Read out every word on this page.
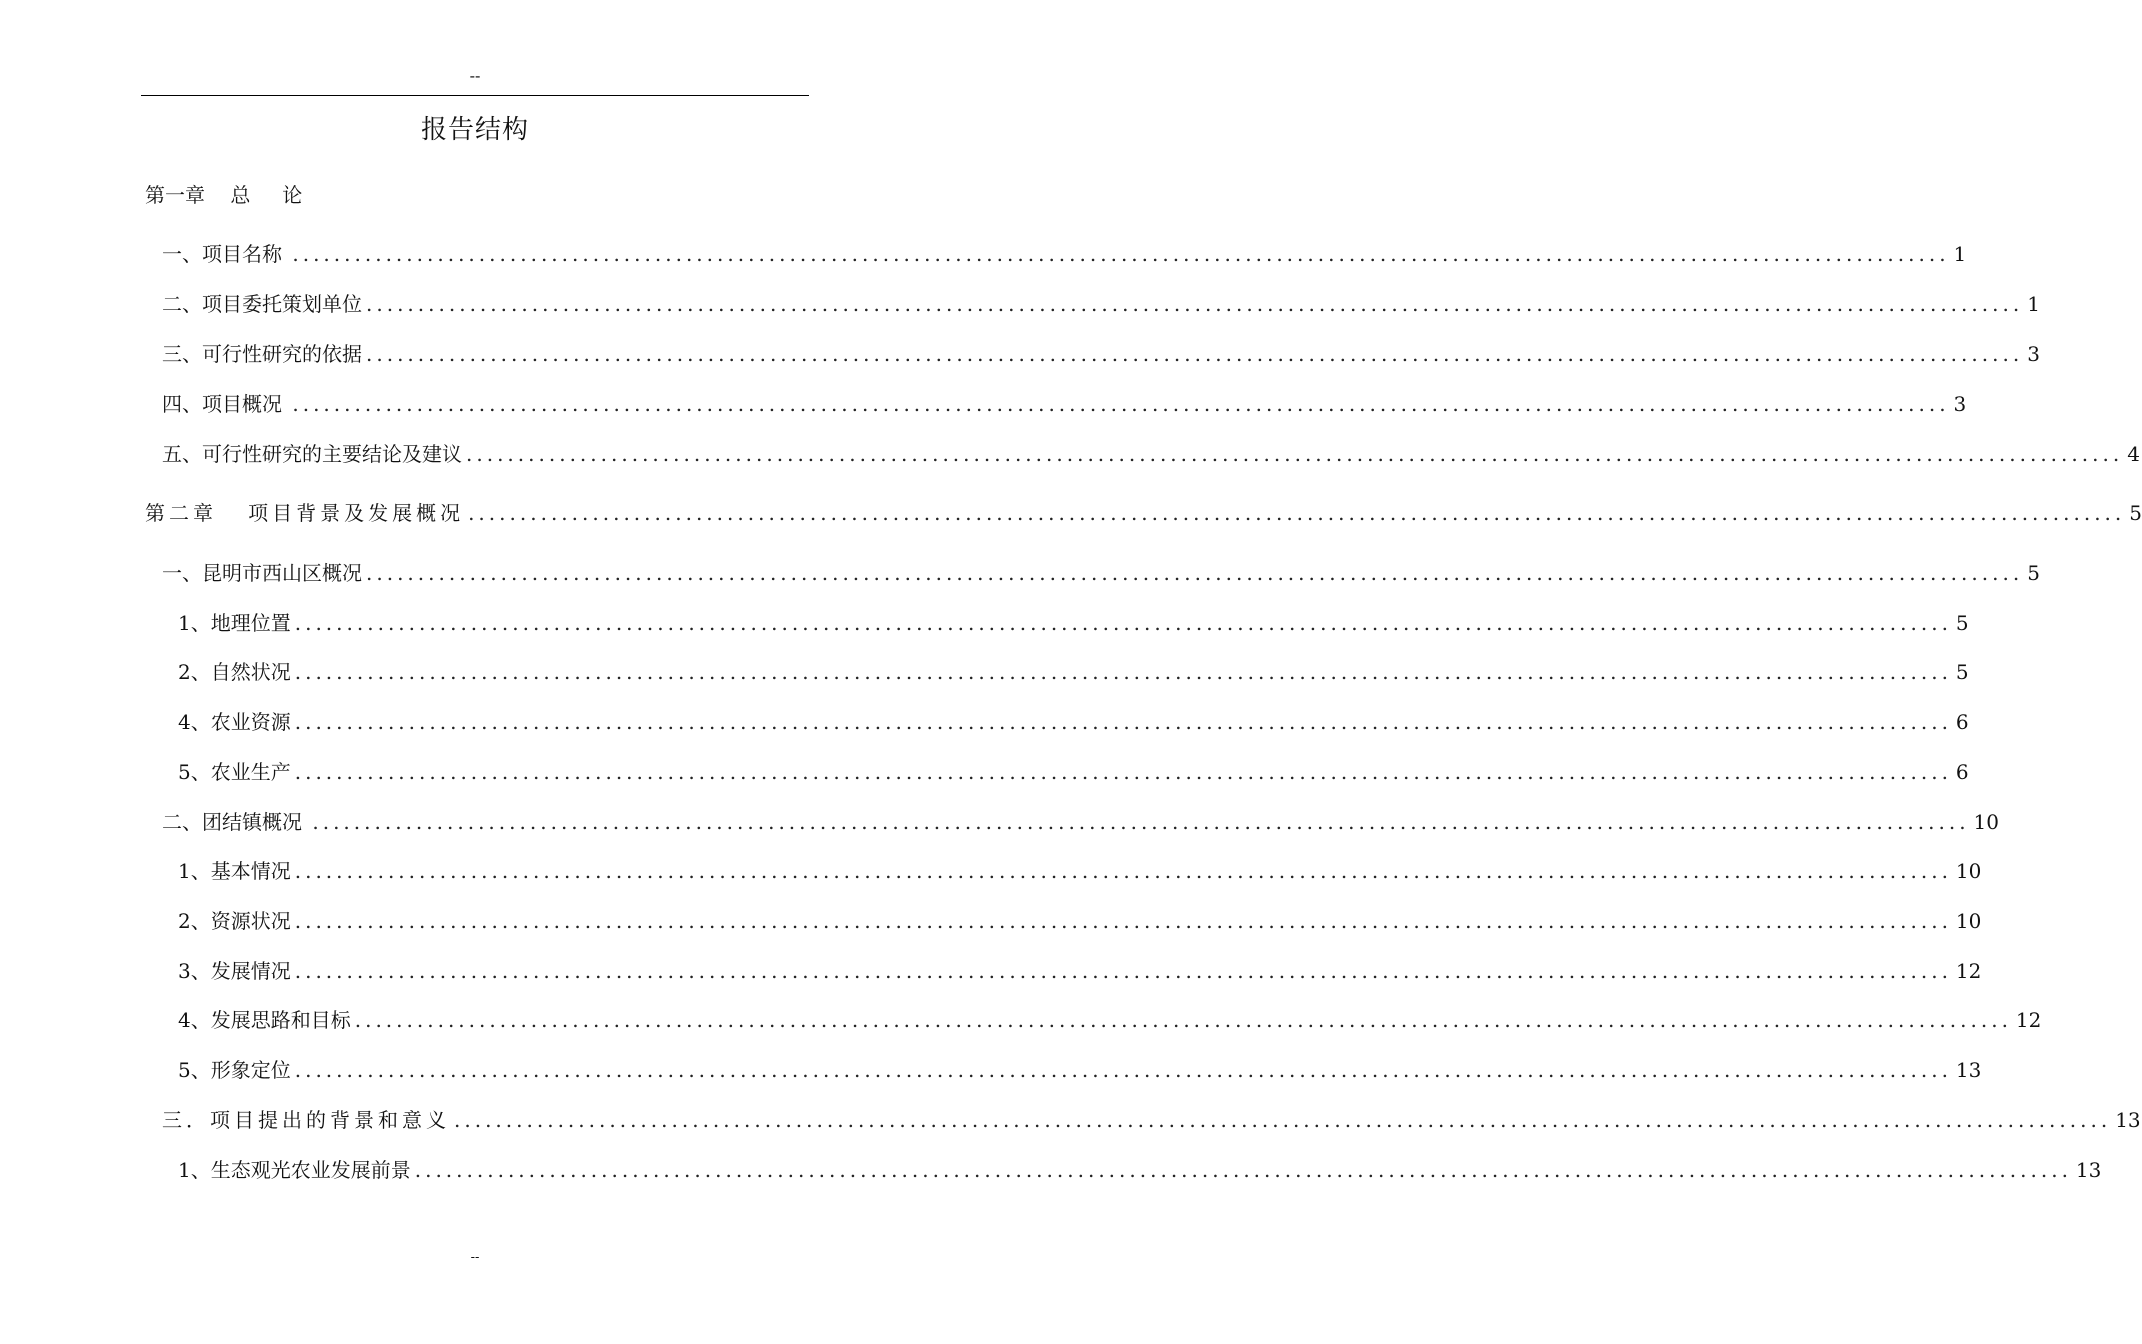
--
报告结构
第一章    总     论
一、项目名称 ................................................................................................................................................................ 1
二、项目委托策划单位 ................................................................................................................................................................ 1
三、可行性研究的依据 ................................................................................................................................................................ 3
四、项目概况 ................................................................................................................................................................ 3
五、可行性研究的主要结论及建议 ................................................................................................................................................................ 4
第二章   项目背景及发展概况 ................................................................................................................................................................ 5
一、昆明市西山区概况 ................................................................................................................................................................ 5
1、地理位置 ................................................................................................................................................................ 5
2、自然状况 ................................................................................................................................................................ 5
4、农业资源 ................................................................................................................................................................ 6
5、农业生产 ................................................................................................................................................................ 6
二、团结镇概况 ................................................................................................................................................................ 10
1、基本情况 ................................................................................................................................................................ 10
2、资源状况 ................................................................................................................................................................ 10
3、发展情况 ................................................................................................................................................................ 12
4、发展思路和目标 ................................................................................................................................................................ 12
5、形象定位 ................................................................................................................................................................ 13
三．项目提出的背景和意义 ................................................................................................................................................................ 13
1、生态观光农业发展前景 ................................................................................................................................................................ 13
--
